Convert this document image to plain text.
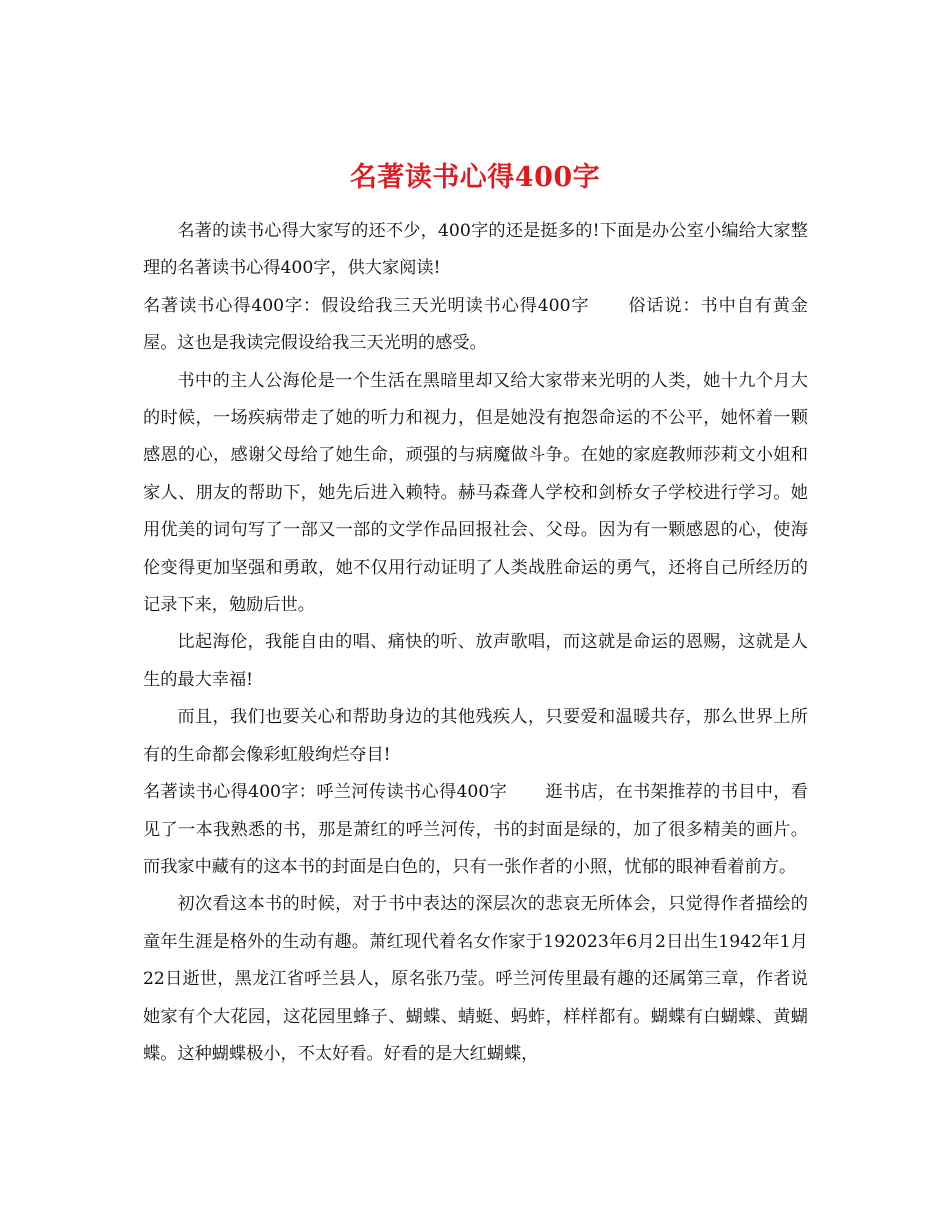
名著读书心得400字

名著的读书心得大家写的还不少，400字的还是挺多的!下面是办公室小编给大家整理的名著读书心得400字，供大家阅读!

名著读书心得400字：假设给我三天光明读书心得400字 俗话说：书中自有黄金屋。这也是我读完假设给我三天光明的感受。

书中的主人公海伦是一个生活在黑暗里却又给大家带来光明的人类，她十九个月大的时候，一场疾病带走了她的听力和视力，但是她没有抱怨命运的不公平，她怀着一颗感恩的心，感谢父母给了她生命，顽强的与病魔做斗争。在她的家庭教师莎莉文小姐和家人、朋友的帮助下，她先后进入赖特。赫马森聋人学校和剑桥女子学校进行学习。她用优美的词句写了一部又一部的文学作品回报社会、父母。因为有一颗感恩的心，使海伦变得更加坚强和勇敢，她不仅用行动证明了人类战胜命运的勇气，还将自己所经历的记录下来，勉励后世。

比起海伦，我能自由的唱、痛快的听、放声歌唱，而这就是命运的恩赐，这就是人生的最大幸福!

而且，我们也要关心和帮助身边的其他残疾人，只要爱和温暖共存，那么世界上所有的生命都会像彩虹般绚烂夺目!

名著读书心得400字：呼兰河传读书心得400字 逛书店，在书架推荐的书目中，看见了一本我熟悉的书，那是萧红的呼兰河传，书的封面是绿的，加了很多精美的画片。而我家中藏有的这本书的封面是白色的，只有一张作者的小照，忧郁的眼神看着前方。

初次看这本书的时候，对于书中表达的深层次的悲哀无所体会，只觉得作者描绘的童年生涯是格外的生动有趣。萧红现代着名女作家于192023年6月2日出生1942年1月22日逝世，黑龙江省呼兰县人，原名张乃莹。呼兰河传里最有趣的还属第三章，作者说她家有个大花园，这花园里蜂子、蝴蝶、蜻蜓、蚂蚱，样样都有。蝴蝶有白蝴蝶、黄蝴蝶。这种蝴蝶极小，不太好看。好看的是大红蝴蝶，
